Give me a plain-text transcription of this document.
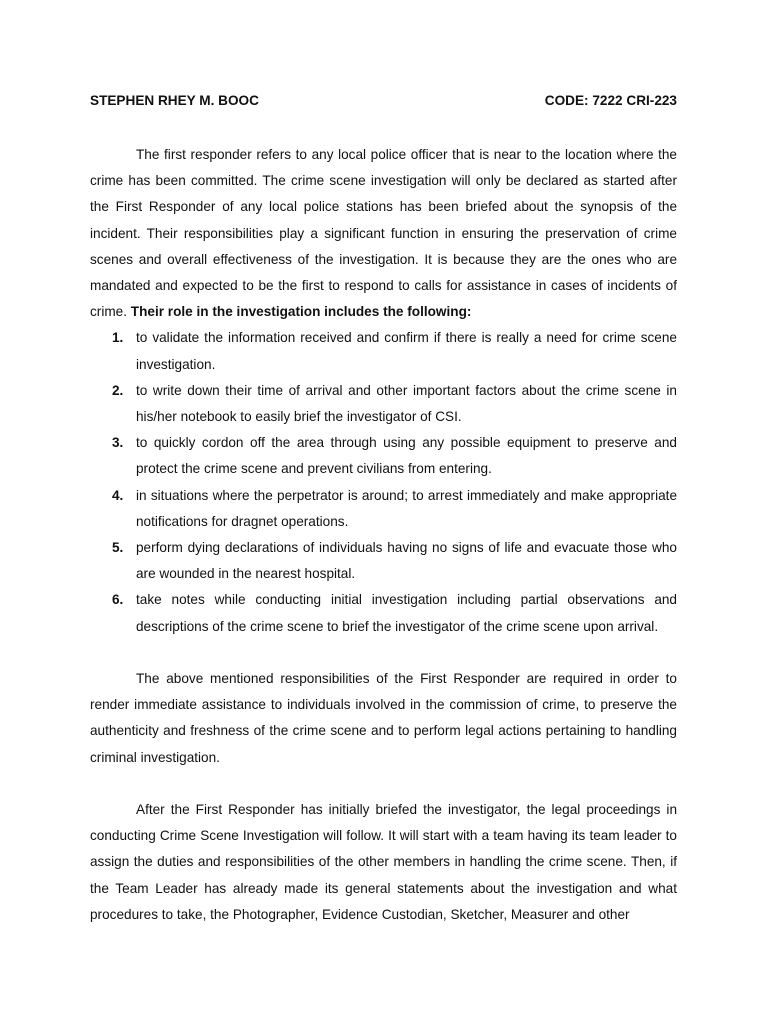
STEPHEN RHEY M. BOOC	CODE: 7222 CRI-223

The first responder refers to any local police officer that is near to the location where the crime has been committed. The crime scene investigation will only be declared as started after the First Responder of any local police stations has been briefed about the synopsis of the incident. Their responsibilities play a significant function in ensuring the preservation of crime scenes and overall effectiveness of the investigation. It is because they are the ones who are mandated and expected to be the first to respond to calls for assistance in cases of incidents of crime. Their role in the investigation includes the following:

1. to validate the information received and confirm if there is really a need for crime scene investigation.
2. to write down their time of arrival and other important factors about the crime scene in his/her notebook to easily brief the investigator of CSI.
3. to quickly cordon off the area through using any possible equipment to preserve and protect the crime scene and prevent civilians from entering.
4. in situations where the perpetrator is around; to arrest immediately and make appropriate notifications for dragnet operations.
5. perform dying declarations of individuals having no signs of life and evacuate those who are wounded in the nearest hospital.
6. take notes while conducting initial investigation including partial observations and descriptions of the crime scene to brief the investigator of the crime scene upon arrival.

The above mentioned responsibilities of the First Responder are required in order to render immediate assistance to individuals involved in the commission of crime, to preserve the authenticity and freshness of the crime scene and to perform legal actions pertaining to handling criminal investigation.

After the First Responder has initially briefed the investigator, the legal proceedings in conducting Crime Scene Investigation will follow. It will start with a team having its team leader to assign the duties and responsibilities of the other members in handling the crime scene. Then, if the Team Leader has already made its general statements about the investigation and what procedures to take, the Photographer, Evidence Custodian, Sketcher, Measurer and other
